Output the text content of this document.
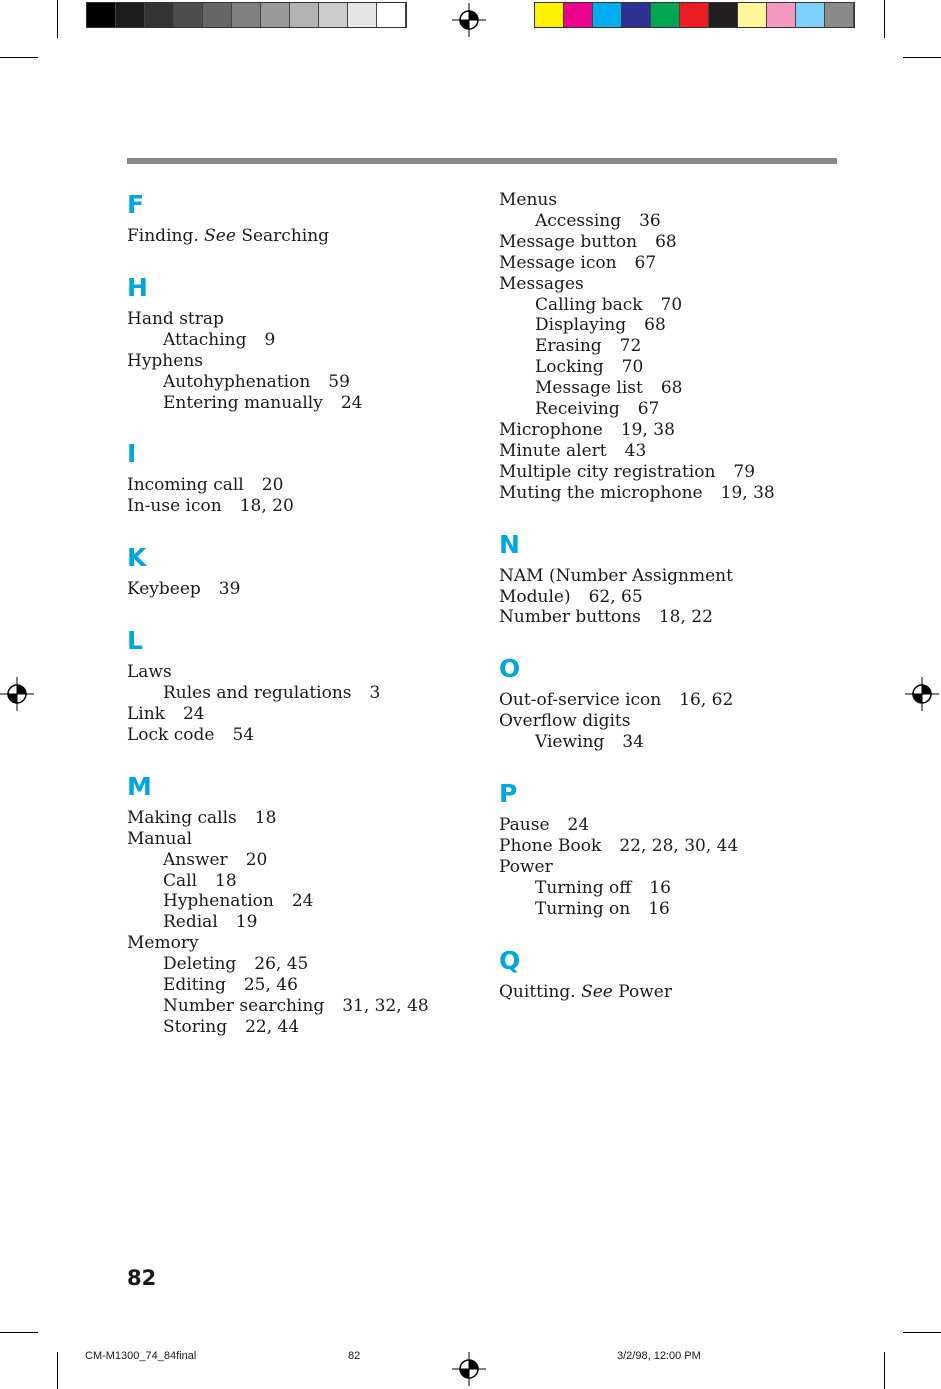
F
Finding. See Searching
H
Hand strap
Attaching 9
Hyphens
Autohyphenation 59
Entering manually 24
I
Incoming call 20
In-use icon 18, 20
K
Keybeep 39
L
Laws
Rules and regulations 3
Link 24
Lock code 54
M
Making calls 18
Manual
Answer 20
Call 18
Hyphenation 24
Redial 19
Memory
Deleting 26, 45
Editing 25, 46
Number searching 31, 32, 48
Storing 22, 44
Menus
Accessing 36
Message button 68
Message icon 67
Messages
Calling back 70
Displaying 68
Erasing 72
Locking 70
Message list 68
Receiving 67
Microphone 19, 38
Minute alert 43
Multiple city registration 79
Muting the microphone 19, 38
N
NAM (Number Assignment
Module) 62, 65
Number buttons 18, 22
O
Out-of-service icon 16, 62
Overflow digits
Viewing 34
P
Pause 24
Phone Book 22, 28, 30, 44
Power
Turning off 16
Turning on 16
Q
Quitting. See Power
82
CM-M1300_74_84final	82	3/2/98, 12:00 PM
